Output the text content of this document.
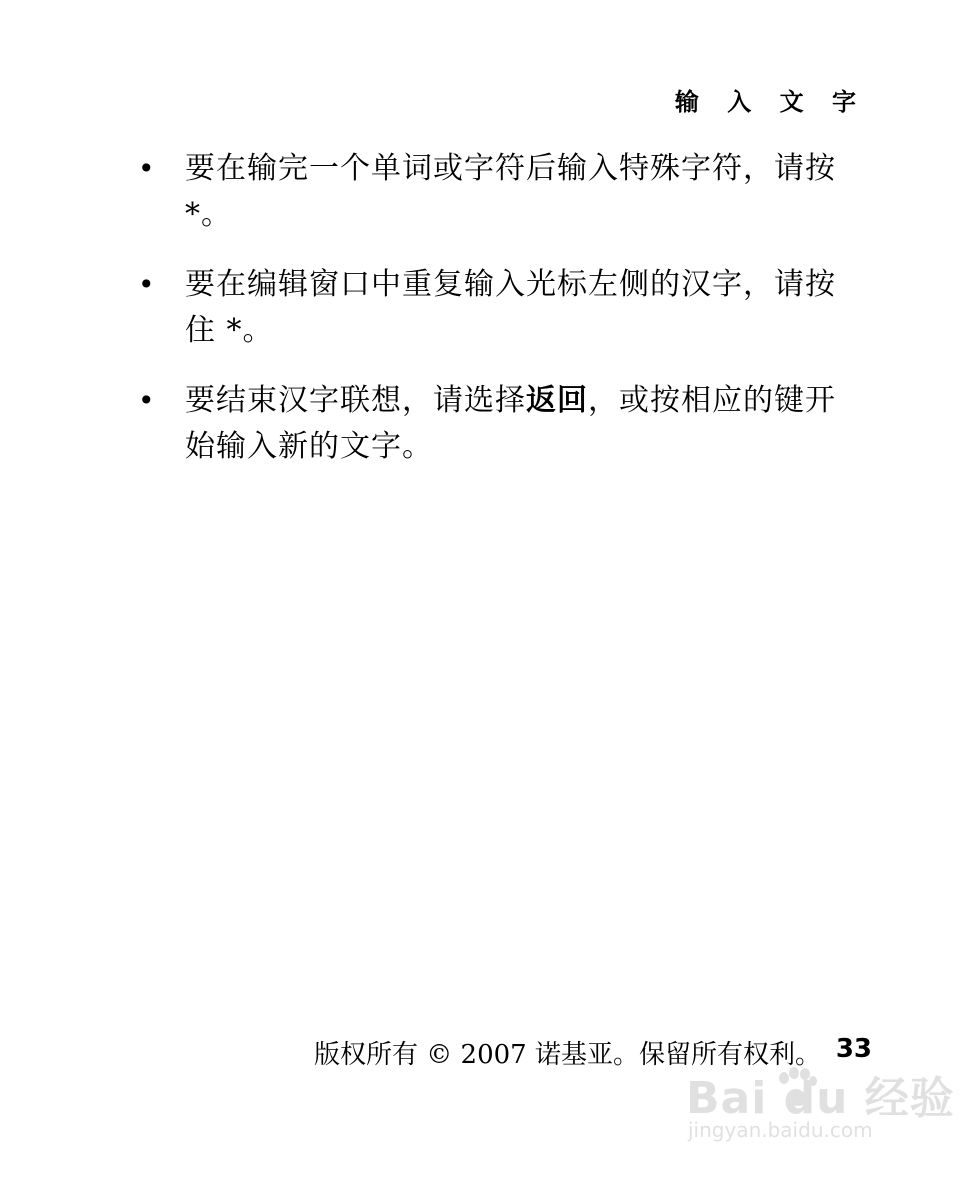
输 入 文 字
•	要在输完一个单词或字符后输入特殊字符，请按 *。
•	要在编辑窗口中重复输入光标左侧的汉字，请按住 *。
•	要结束汉字联想，请选择返回，或按相应的键开始输入新的文字。
版权所有 © 2007 诺基亚。保留所有权利。 33
Bai du 经验
jingyan.baidu.com
